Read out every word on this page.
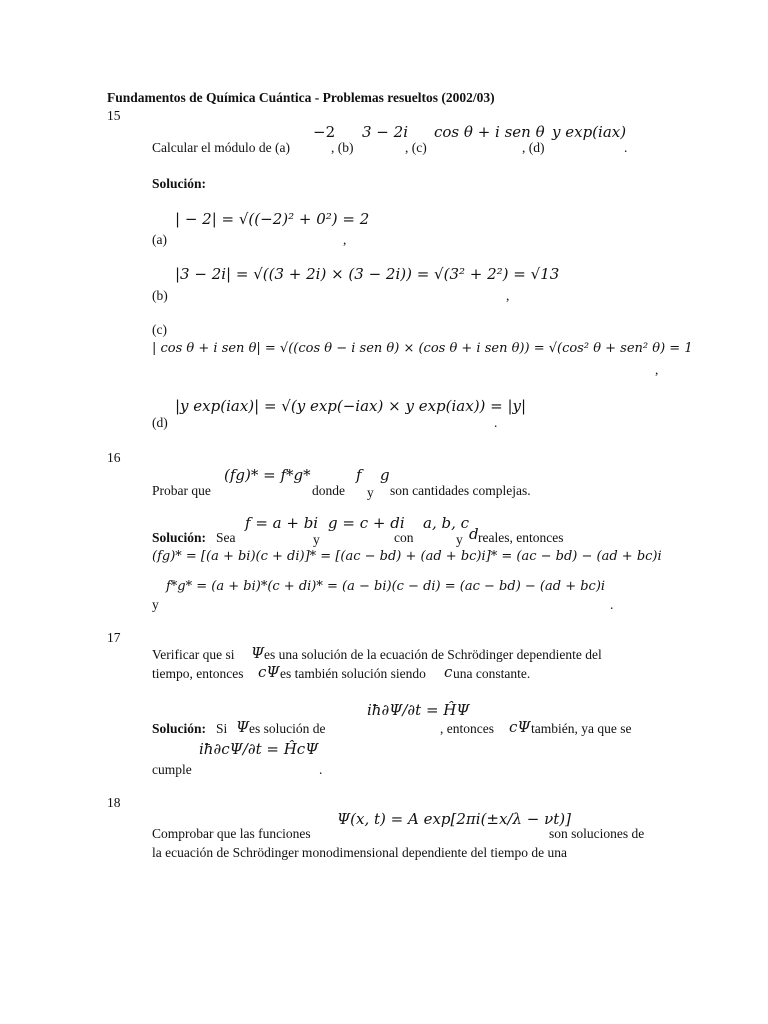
Fundamentos de Química Cuántica - Problemas resueltos (2002/03)
15
Calcular el módulo de (a)
−2
, (b)
3 − 2i
, (c)
cos θ + i sen θ
, (d)
y exp(iax)
.
Solución:
(a)
| − 2| = √((−2)² + 0²) = 2
,
(b)
|3 − 2i| = √((3 + 2i) × (3 − 2i)) = √(3² + 2²) = √13
,
(c)
| cos θ + i sen θ| = √((cos θ − i sen θ) × (cos θ + i sen θ)) = √(cos² θ + sen² θ) = 1
,
(d)
|y exp(iax)| = √(y exp(−iax) × y exp(iax)) = |y|
.
16
Probar que
(fg)* = f*g*
donde
f
y
g
son cantidades complejas.
Solución: Sea
f = a + bi
y
g = c + di
con
a, b, c
y d reales, entonces
(fg)* = [(a + bi)(c + di)]* = [(ac − bd) + (ad + bc)i]* = (ac − bd) − (ad + bc)i
y
f*g* = (a + bi)*(c + di)* = (a − bi)(c − di) = (ac − bd) − (ad + bc)i
.
17
Verificar que si Ψ es una solución de la ecuación de Schrödinger dependiente del
tiempo, entonces cΨ es también solución siendo c una constante.
iħ∂Ψ/∂t = ĤΨ
Solución: Si Ψ es solución de	, entonces cΨ también, ya que se
iħ∂cΨ/∂t = ĤcΨ
cumple	.
18
Comprobar que las funciones
Ψ(x, t) = A exp[2πi(±x/λ − νt)]
son soluciones de
la ecuación de Schrödinger monodimensional dependiente del tiempo de una
